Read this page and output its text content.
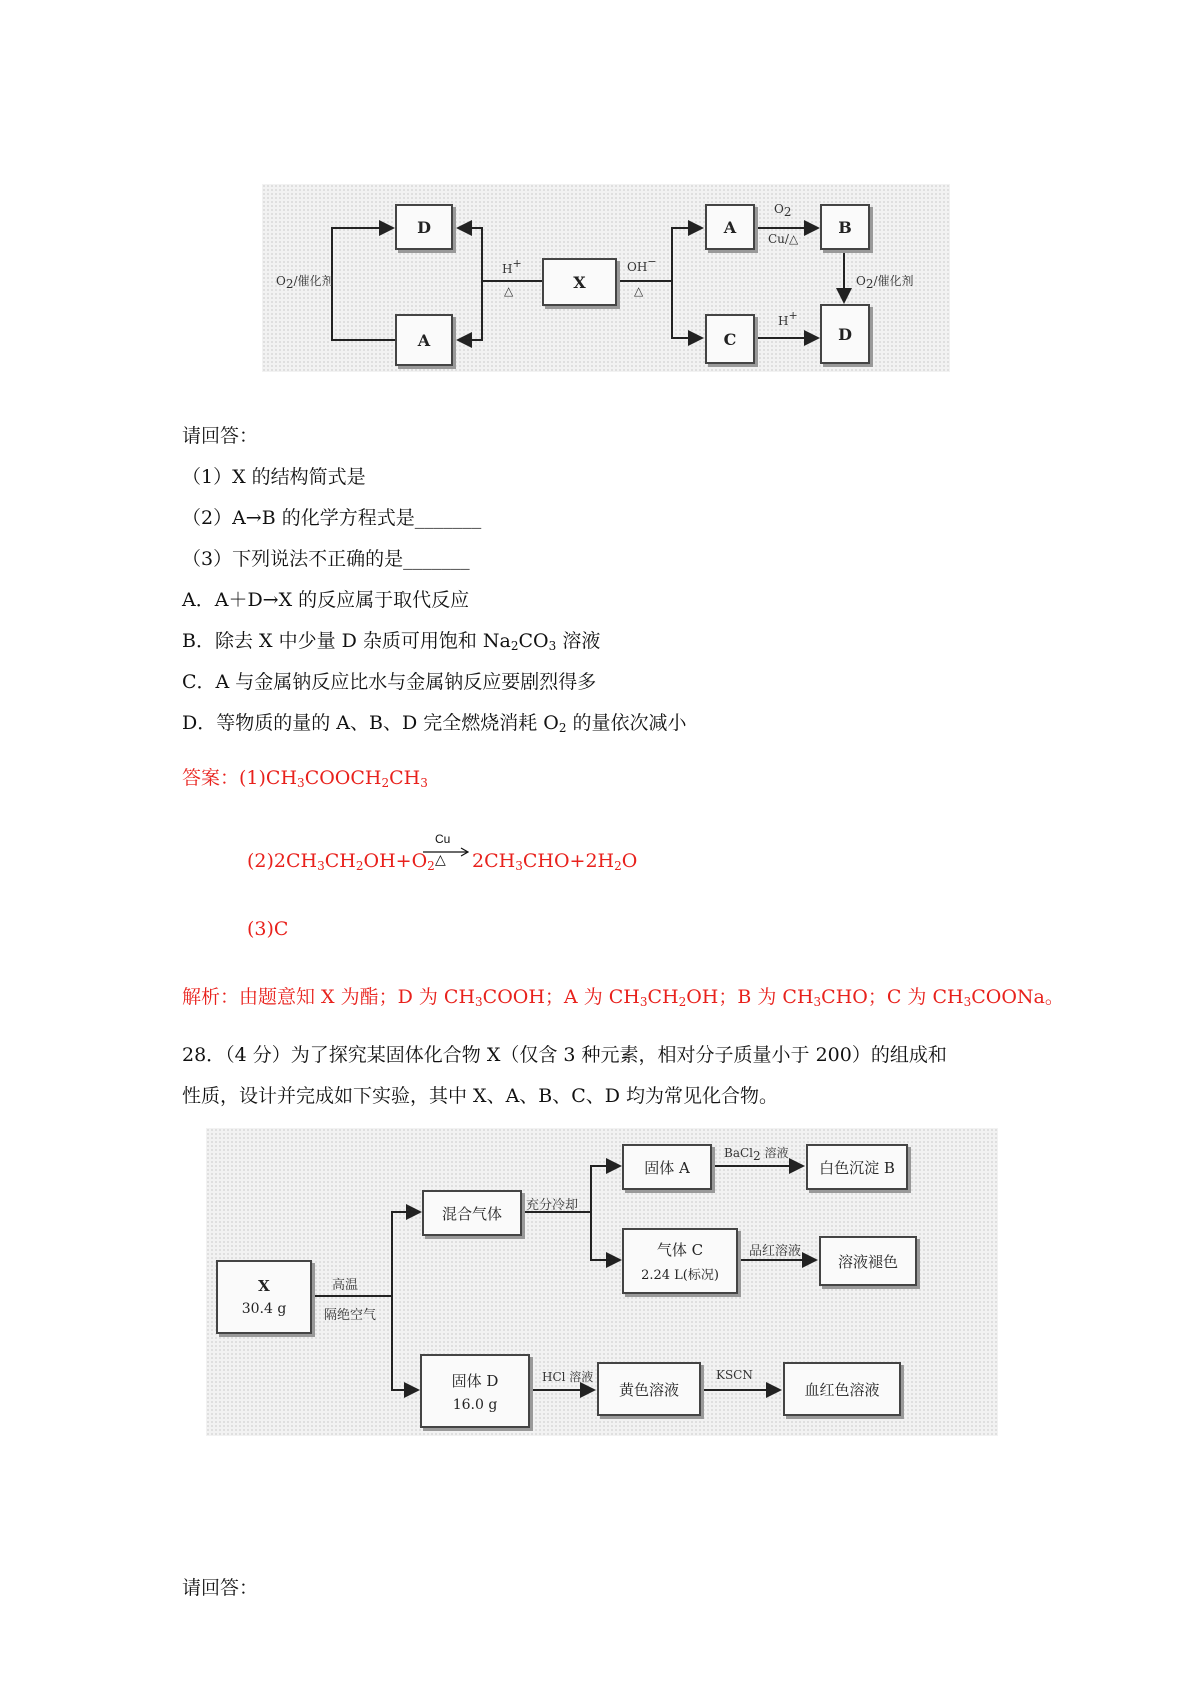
D
A
X
A	B
C	D
$O_2/$催化剂
H+
△
OH−
△
$O_2$
Cu/△
$O_2/$催化剂
H+
请回答：
（1）X 的结构简式是
（2）A→B 的化学方程式是_______
（3）下列说法不正确的是_______
A．A＋D→X 的反应属于取代反应
B．除去 X 中少量 D 杂质可用饱和 $Na_2CO_3$ 溶液
C．A 与金属钠反应比水与金属钠反应要剧烈得多
D．等物质的量的 A、B、D 完全燃烧消耗 $O_2$ 的量依次减小
答案：$(1)CH_3COOCH_2CH_3$
$(2)2CH_3CH_2OH+O_2$
Cu
△ $2CH_3CHO+2H_2O$
(3)C
解析：由题意知 X 为酯；D 为 $CH_3COOH$；A 为 $CH_3CH_2OH$；B 为 $CH_3CHO$；C 为 $CH_3COONa$。
28．（4 分）为了探究某固体化合物 X（仅含 3 种元素，相对分子质量小于 200）的组成和
性质，设计并完成如下实验，其中 X、A、B、C、D 均为常见化合物。
X
30.4 g
高温
隔绝空气
混合气体 充分冷却
固体 A
BaCl$_2$ 溶液
白色沉淀 B
气体 C
2.24 L(标况)
品红溶液
溶液褪色
固体 D
16.0 g
HCl 溶液
黄色溶液
KSCN
血红色溶液
请回答：
